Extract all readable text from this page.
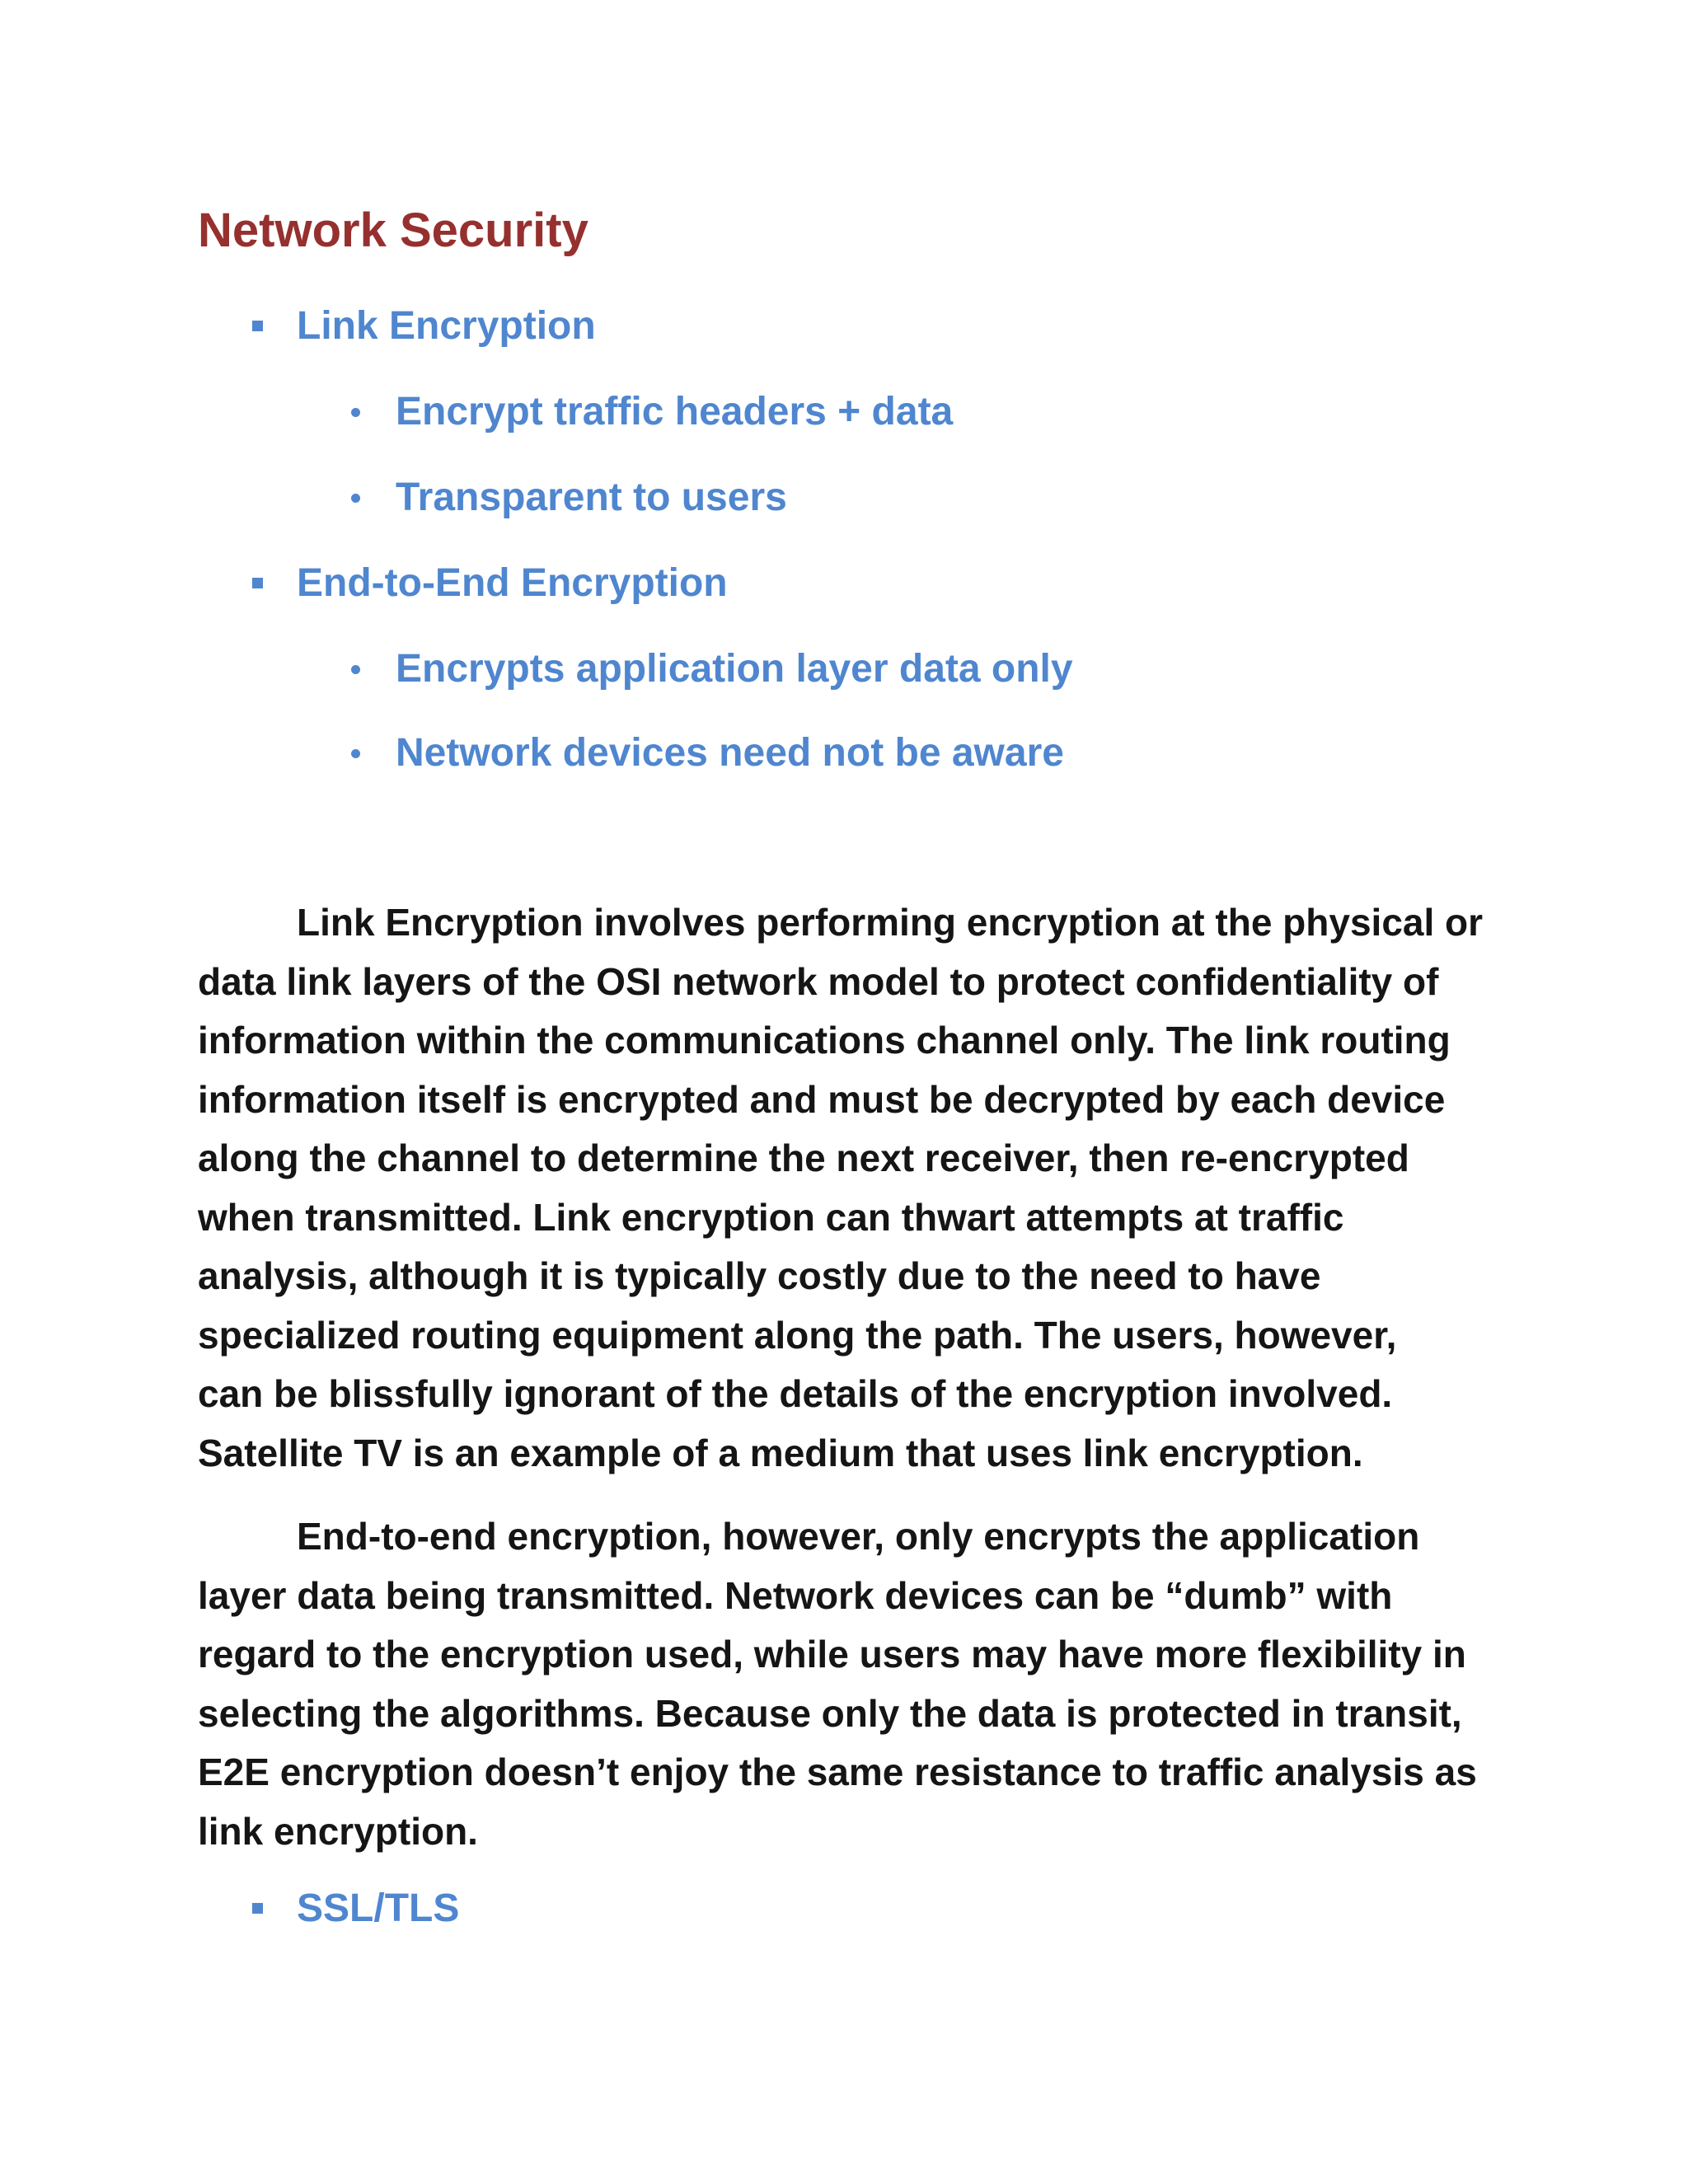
Network Security
Link Encryption
Encrypt traffic headers + data
Transparent to users
End-to-End Encryption
Encrypts application layer data only
Network devices need not be aware

Link Encryption involves performing encryption at the physical or
data link layers of the OSI network model to protect confidentiality of
information within the communications channel only. The link routing
information itself is encrypted and must be decrypted by each device
along the channel to determine the next receiver, then re-encrypted
when transmitted. Link encryption can thwart attempts at traffic
analysis, although it is typically costly due to the need to have
specialized routing equipment along the path. The users, however,
can be blissfully ignorant of the details of the encryption involved.
Satellite TV is an example of a medium that uses link encryption.

End-to-end encryption, however, only encrypts the application
layer data being transmitted. Network devices can be “dumb” with
regard to the encryption used, while users may have more flexibility in
selecting the algorithms. Because only the data is protected in transit,
E2E encryption doesn’t enjoy the same resistance to traffic analysis as
link encryption.

SSL/TLS
